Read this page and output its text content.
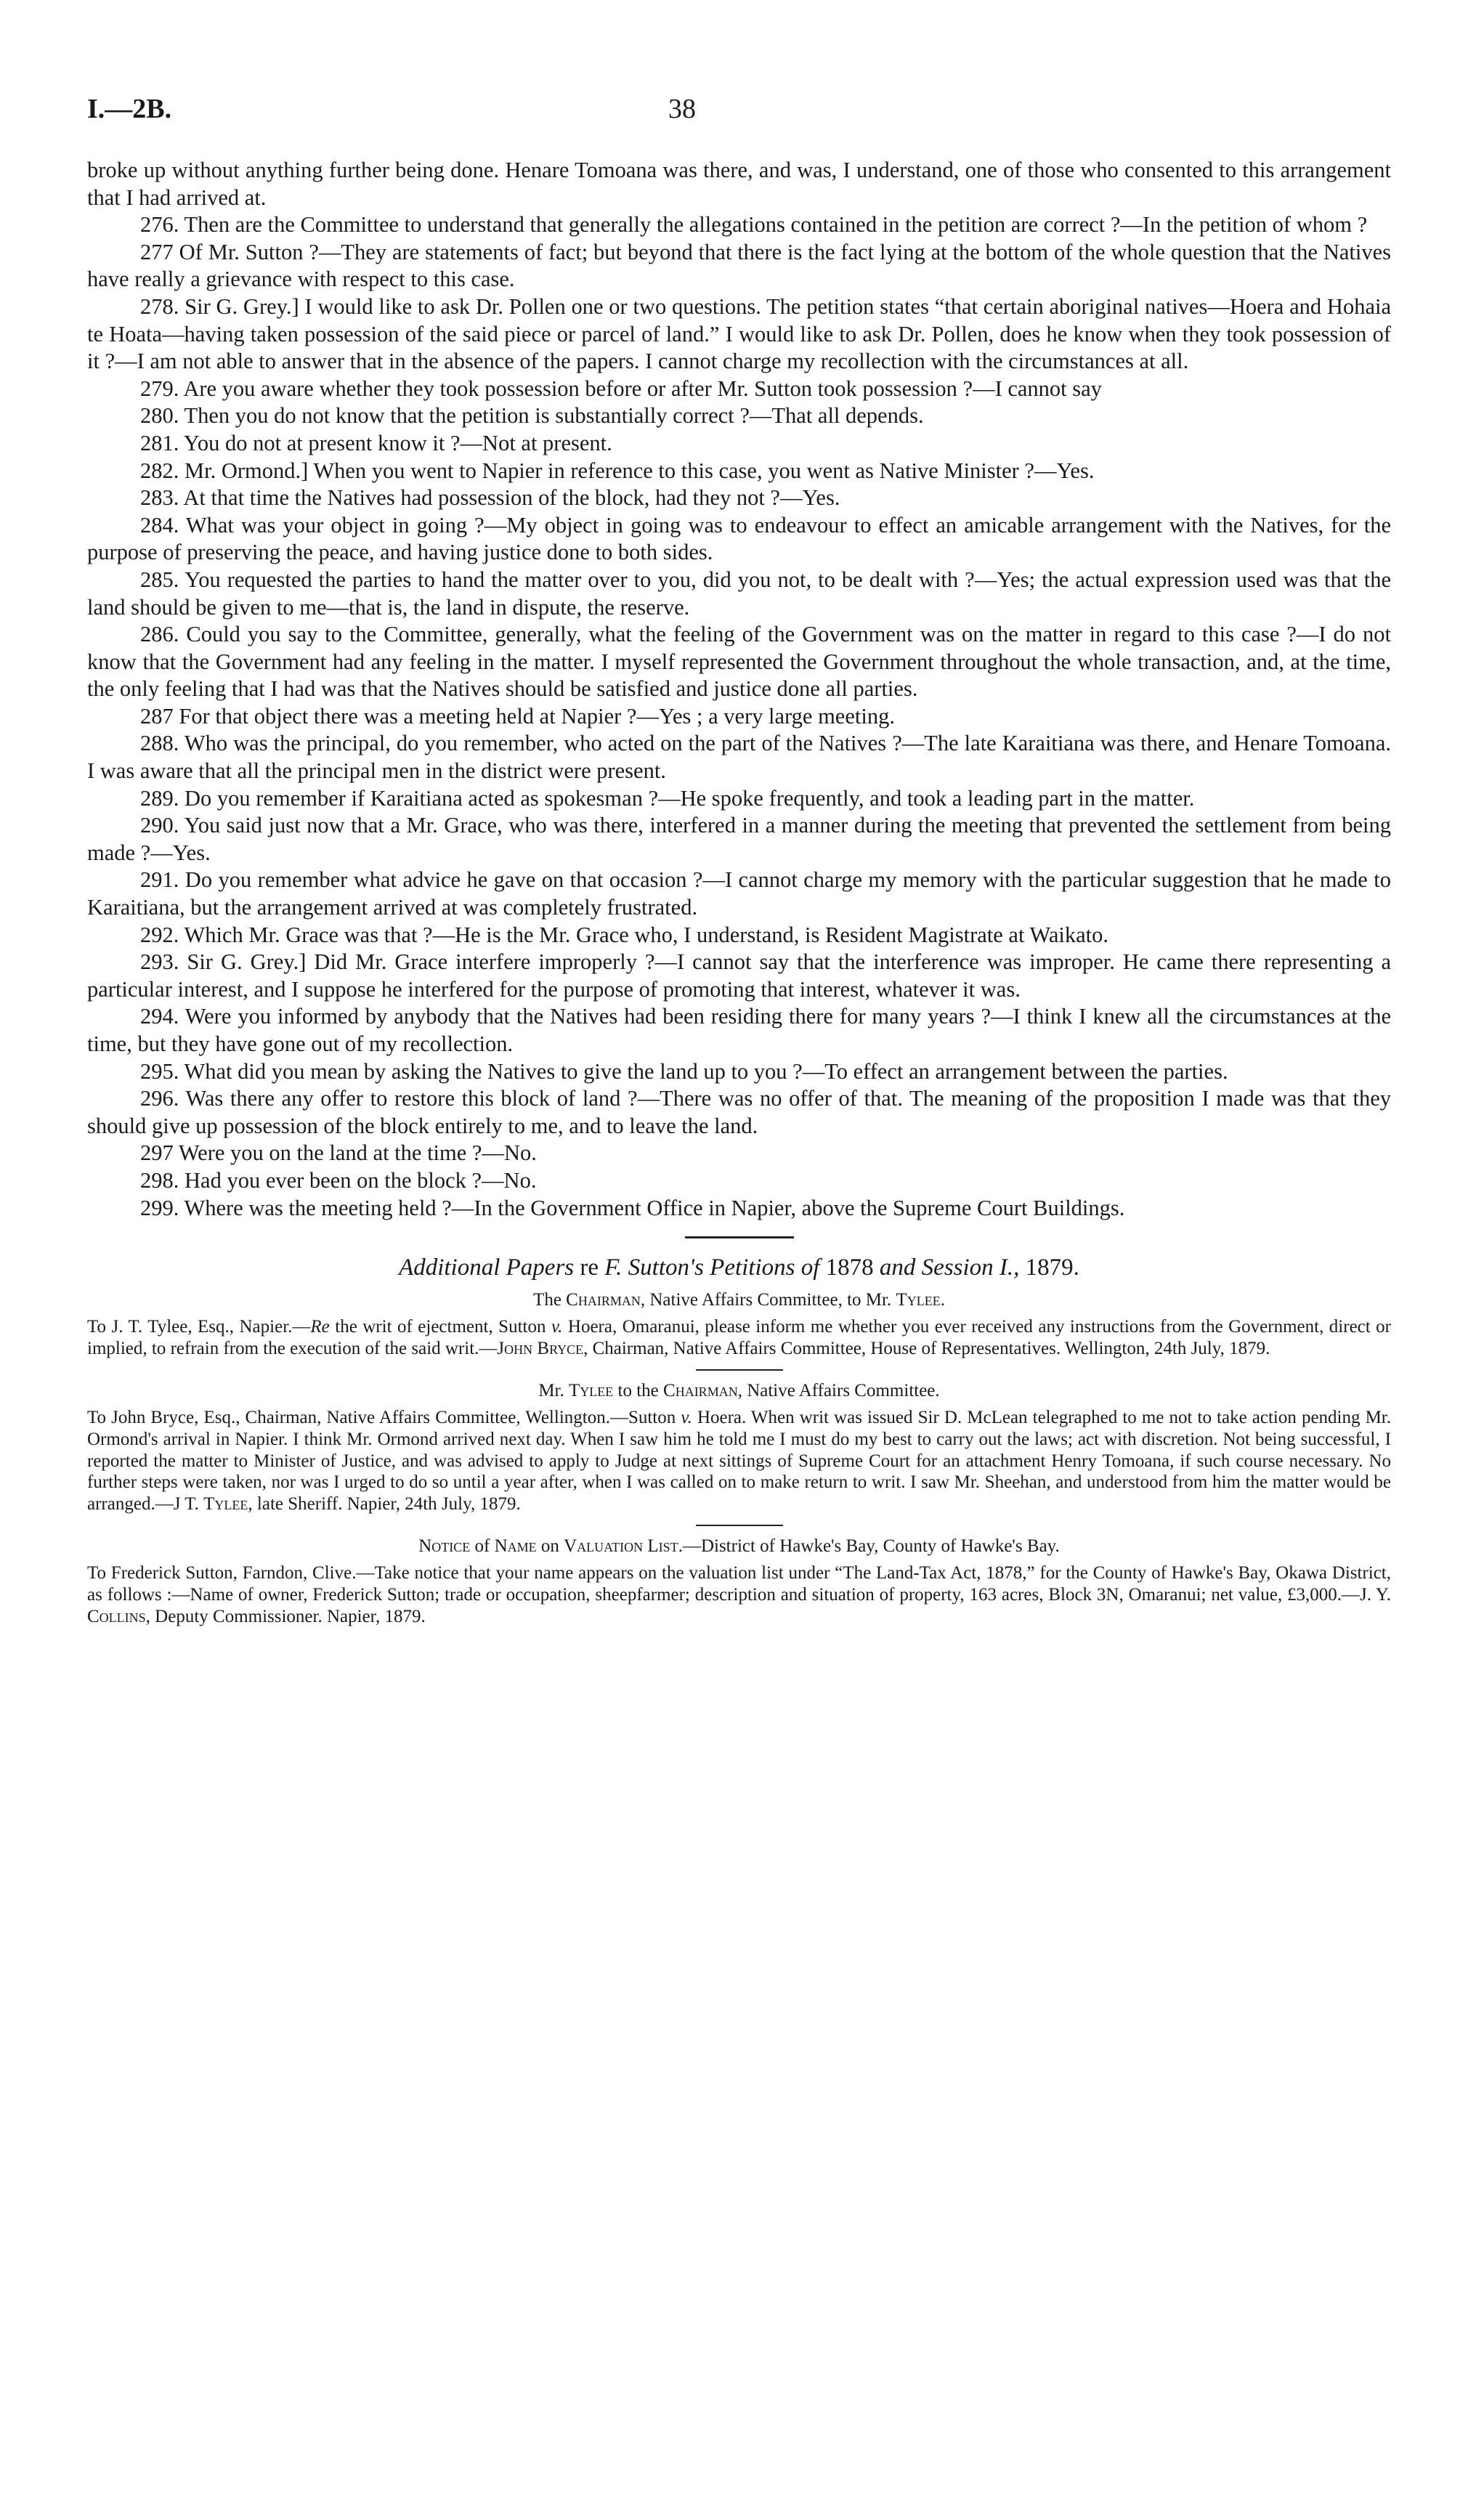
I.—2B.	38

broke up without anything further being done. Henare Tomoana was there, and was, I understand, one of those who consented to this arrangement that I had arrived at.

276. Then are the Committee to understand that generally the allegations contained in the petition are correct ?—In the petition of whom ?

277 Of Mr. Sutton ?—They are statements of fact; but beyond that there is the fact lying at the bottom of the whole question that the Natives have really a grievance with respect to this case.

278. Sir G. Grey.] I would like to ask Dr. Pollen one or two questions. The petition states “that certain aboriginal natives—Hoera and Hohaia te Hoata—having taken possession of the said piece or parcel of land.” I would like to ask Dr. Pollen, does he know when they took possession of it ?—I am not able to answer that in the absence of the papers. I cannot charge my recollection with the circumstances at all.

279. Are you aware whether they took possession before or after Mr. Sutton took possession ?—I cannot say

280. Then you do not know that the petition is substantially correct ?—That all depends.

281. You do not at present know it ?—Not at present.

282. Mr. Ormond.] When you went to Napier in reference to this case, you went as Native Minister ?—Yes.

283. At that time the Natives had possession of the block, had they not ?—Yes.

284. What was your object in going ?—My object in going was to endeavour to effect an amicable arrangement with the Natives, for the purpose of preserving the peace, and having justice done to both sides.

285. You requested the parties to hand the matter over to you, did you not, to be dealt with ?—Yes; the actual expression used was that the land should be given to me—that is, the land in dispute, the reserve.

286. Could you say to the Committee, generally, what the feeling of the Government was on the matter in regard to this case ?—I do not know that the Government had any feeling in the matter. I myself represented the Government throughout the whole transaction, and, at the time, the only feeling that I had was that the Natives should be satisfied and justice done all parties.

287 For that object there was a meeting held at Napier ?—Yes ; a very large meeting.

288. Who was the principal, do you remember, who acted on the part of the Natives ?—The late Karaitiana was there, and Henare Tomoana. I was aware that all the principal men in the district were present.

289. Do you remember if Karaitiana acted as spokesman ?—He spoke frequently, and took a leading part in the matter.

290. You said just now that a Mr. Grace, who was there, interfered in a manner during the meeting that prevented the settlement from being made ?—Yes.

291. Do you remember what advice he gave on that occasion ?—I cannot charge my memory with the particular suggestion that he made to Karaitiana, but the arrangement arrived at was completely frustrated.

292. Which Mr. Grace was that ?—He is the Mr. Grace who, I understand, is Resident Magistrate at Waikato.

293. Sir G. Grey.] Did Mr. Grace interfere improperly ?—I cannot say that the interference was improper. He came there representing a particular interest, and I suppose he interfered for the purpose of promoting that interest, whatever it was.

294. Were you informed by anybody that the Natives had been residing there for many years ?—I think I knew all the circumstances at the time, but they have gone out of my recollection.

295. What did you mean by asking the Natives to give the land up to you ?—To effect an arrangement between the parties.

296. Was there any offer to restore this block of land ?—There was no offer of that. The meaning of the proposition I made was that they should give up possession of the block entirely to me, and to leave the land.

297 Were you on the land at the time ?—No.

298. Had you ever been on the block ?—No.

299. Where was the meeting held ?—In the Government Office in Napier, above the Supreme Court Buildings.

Additional Papers re F. Sutton's Petitions of 1878 and Session I., 1879.
The Chairman, Native Affairs Committee, to Mr. Tylee.

To J. T. Tylee, Esq., Napier.—Re the writ of ejectment, Sutton v. Hoera, Omaranui, please inform me whether you ever received any instructions from the Government, direct or implied, to refrain from the execution of the said writ.—John Bryce, Chairman, Native Affairs Committee, House of Representatives. Wellington, 24th July, 1879.

Mr. Tylee to the Chairman, Native Affairs Committee.

To John Bryce, Esq., Chairman, Native Affairs Committee, Wellington.—Sutton v. Hoera. When writ was issued Sir D. McLean telegraphed to me not to take action pending Mr. Ormond's arrival in Napier. I think Mr. Ormond arrived next day. When I saw him he told me I must do my best to carry out the laws; act with discretion. Not being successful, I reported the matter to Minister of Justice, and was advised to apply to Judge at next sittings of Supreme Court for an attachment Henry Tomoana, if such course necessary. No further steps were taken, nor was I urged to do so until a year after, when I was called on to make return to writ. I saw Mr. Sheehan, and understood from him the matter would be arranged.—J T. Tylee, late Sheriff. Napier, 24th July, 1879.

Notice of Name on Valuation List.—District of Hawke's Bay, County of Hawke's Bay.

To Frederick Sutton, Farndon, Clive.—Take notice that your name appears on the valuation list under “The Land-Tax Act, 1878,” for the County of Hawke's Bay, Okawa District, as follows :—Name of owner, Frederick Sutton; trade or occupation, sheepfarmer; description and situation of property, 163 acres, Block 3N, Omaranui; net value, £3,000.—J. Y. Collins, Deputy Commissioner. Napier, 1879.
